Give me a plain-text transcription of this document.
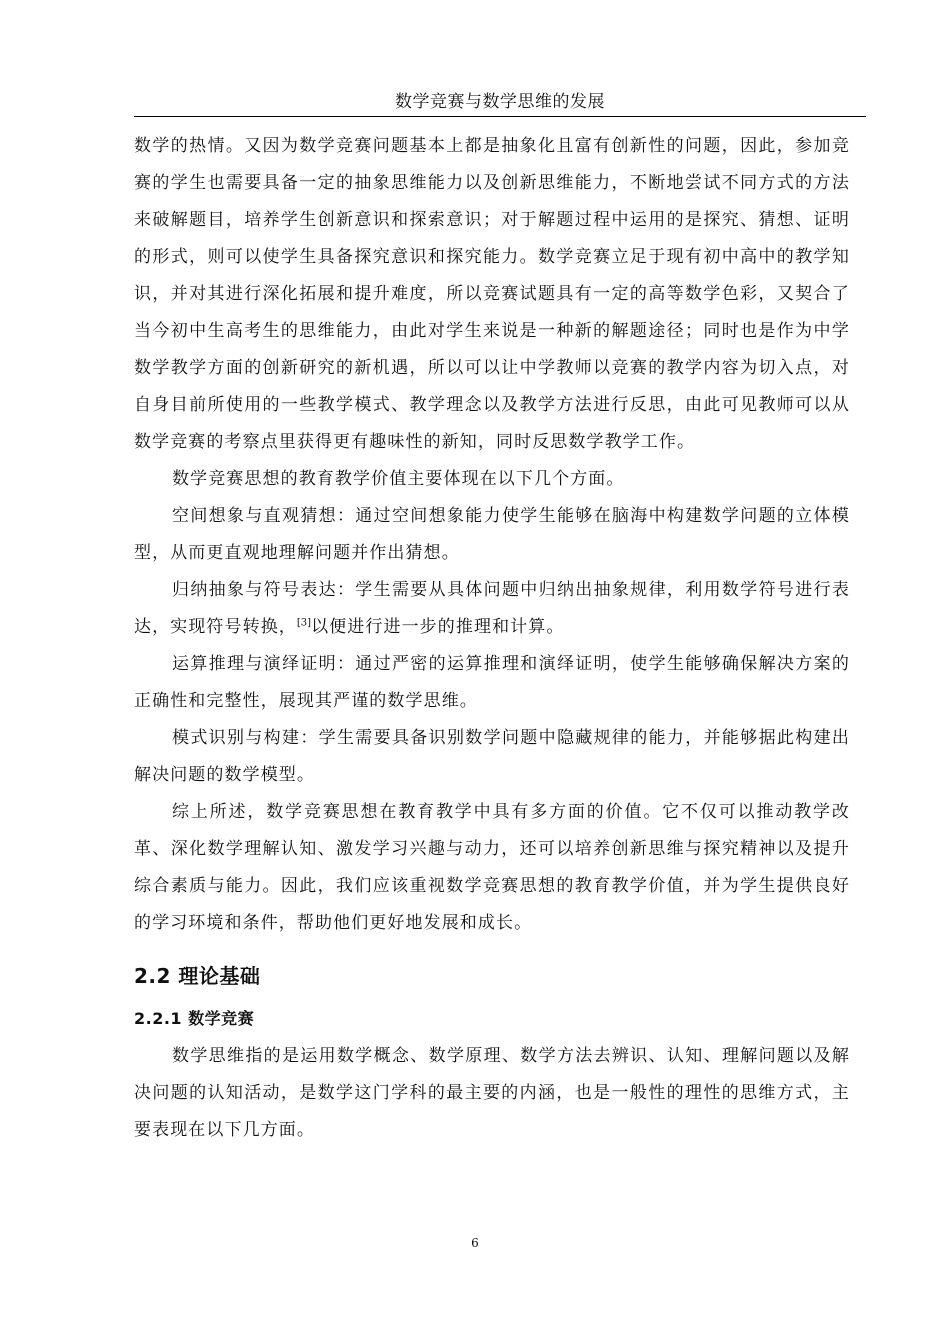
数学竞赛与数学思维的发展

数学的热情。又因为数学竞赛问题基本上都是抽象化且富有创新性的问题，因此，参加竞赛的学生也需要具备一定的抽象思维能力以及创新思维能力，不断地尝试不同方式的方法来破解题目，培养学生创新意识和探索意识；对于解题过程中运用的是探究、猜想、证明的形式，则可以使学生具备探究意识和探究能力。数学竞赛立足于现有初中高中的教学知识，并对其进行深化拓展和提升难度，所以竞赛试题具有一定的高等数学色彩，又契合了当今初中生高考生的思维能力，由此对学生来说是一种新的解题途径；同时也是作为中学数学教学方面的创新研究的新机遇，所以可以让中学教师以竞赛的教学内容为切入点，对自身目前所使用的一些教学模式、教学理念以及教学方法进行反思，由此可见教师可以从数学竞赛的考察点里获得更有趣味性的新知，同时反思数学教学工作。

数学竞赛思想的教育教学价值主要体现在以下几个方面。

空间想象与直观猜想：通过空间想象能力使学生能够在脑海中构建数学问题的立体模型，从而更直观地理解问题并作出猜想。

归纳抽象与符号表达：学生需要从具体问题中归纳出抽象规律，利用数学符号进行表达，实现符号转换，[3]以便进行进一步的推理和计算。

运算推理与演绎证明：通过严密的运算推理和演绎证明，使学生能够确保解决方案的正确性和完整性，展现其严谨的数学思维。

模式识别与构建：学生需要具备识别数学问题中隐藏规律的能力，并能够据此构建出解决问题的数学模型。

综上所述，数学竞赛思想在教育教学中具有多方面的价值。它不仅可以推动教学改革、深化数学理解认知、激发学习兴趣与动力，还可以培养创新思维与探究精神以及提升综合素质与能力。因此，我们应该重视数学竞赛思想的教育教学价值，并为学生提供良好的学习环境和条件，帮助他们更好地发展和成长。

2.2 理论基础
2.2.1 数学竞赛

数学思维指的是运用数学概念、数学原理、数学方法去辨识、认知、理解问题以及解决问题的认知活动，是数学这门学科的最主要的内涵，也是一般性的理性的思维方式，主要表现在以下几方面。

6
